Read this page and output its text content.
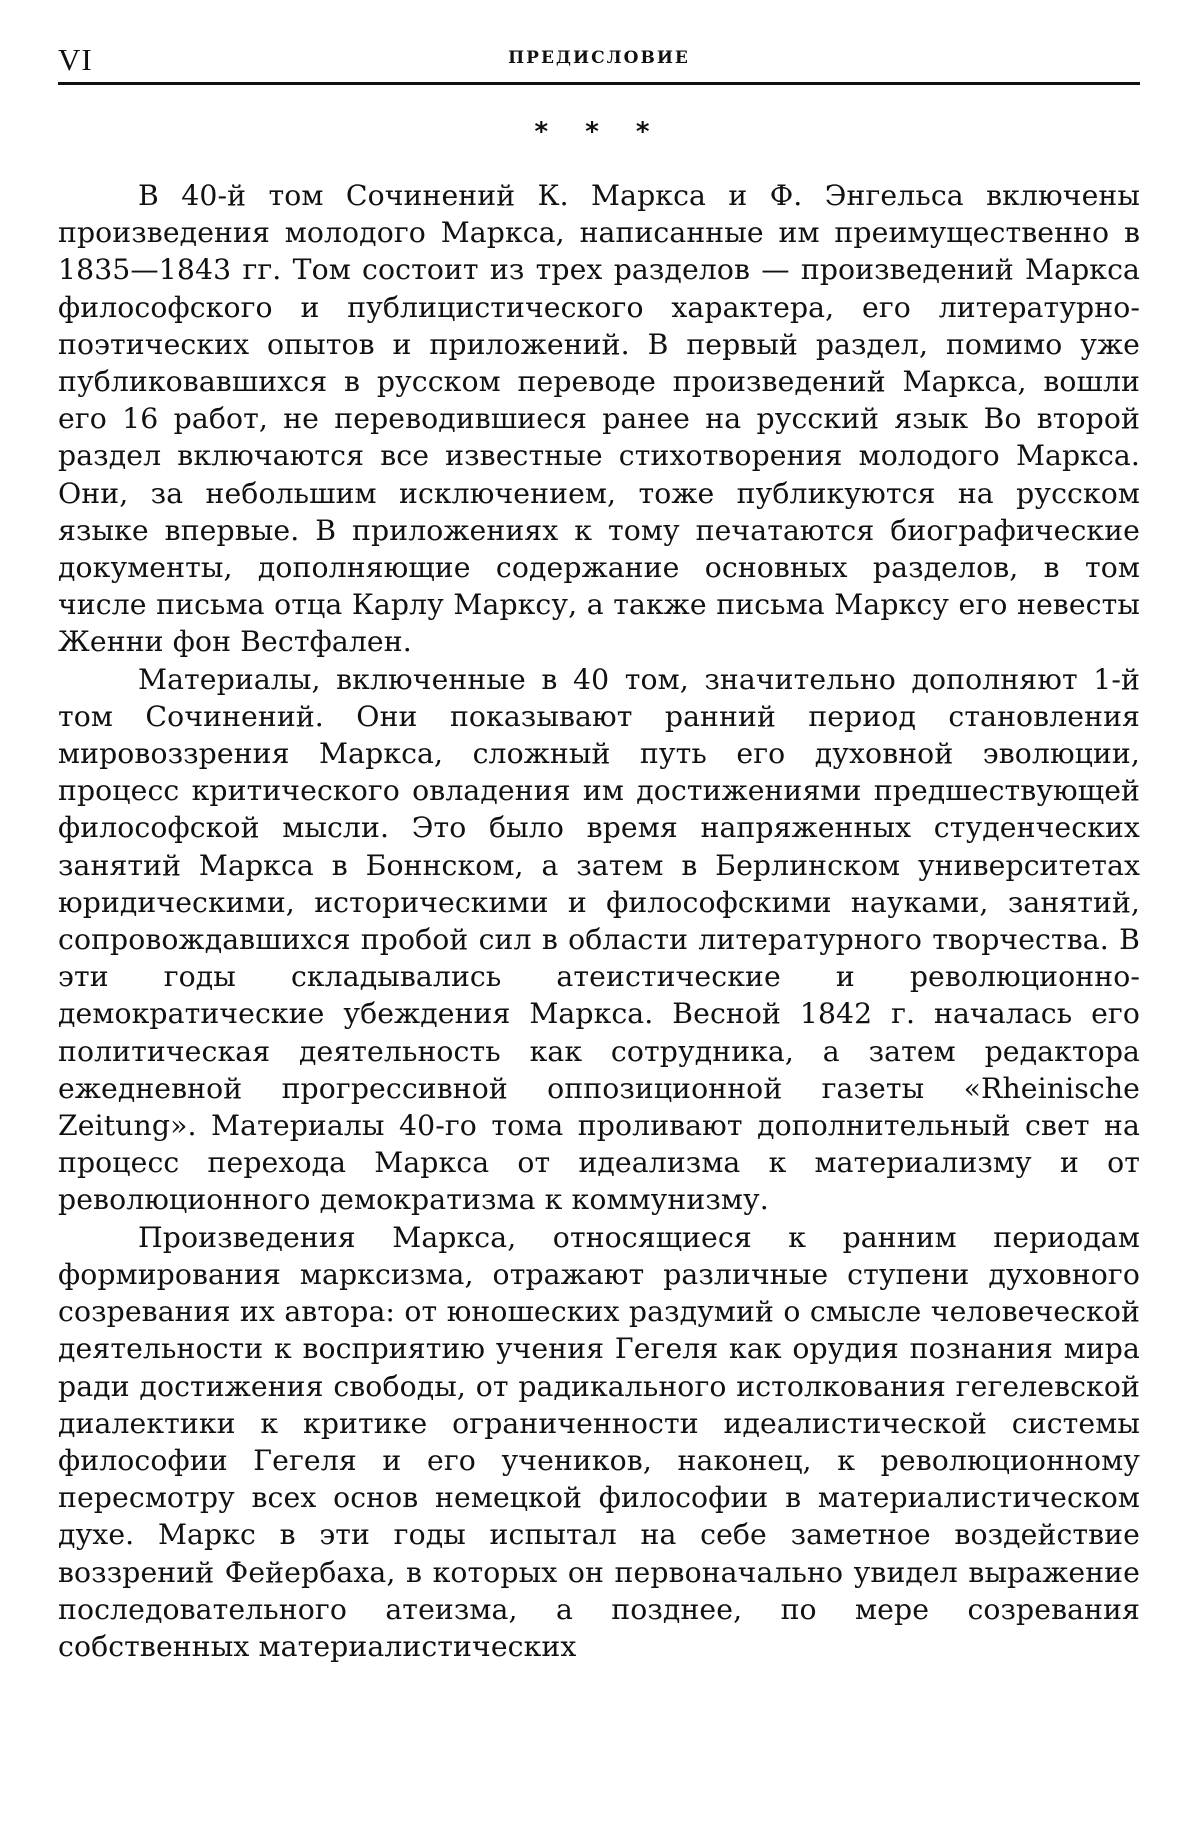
VI	ПРЕДИСЛОВИЕ
* * *

В 40-й том Сочинений К. Маркса и Ф. Энгельса включены произведения молодого Маркса, написанные им преимущественно в 1835—1843 гг. Том состоит из трех разделов — произведений Маркса философского и публицистического характера, его литературно-поэтических опытов и приложений. В первый раздел, помимо уже публиковавшихся в русском переводе произведений Маркса, вошли его 16 работ, не переводившиеся ранее на русский язык Во второй раздел включаются все известные стихотворения молодого Маркса. Они, за небольшим исключением, тоже публикуются на русском языке впервые. В приложениях к тому печатаются биографические документы, дополняющие содержание основных разделов, в том числе письма отца Карлу Марксу, а также письма Марксу его невесты Женни фон Вестфален.

Материалы, включенные в 40 том, значительно дополняют 1-й том Сочинений. Они показывают ранний период становления мировоззрения Маркса, сложный путь его духовной эволюции, процесс критического овладения им достижениями предшествующей философской мысли. Это было время напряженных студенческих занятий Маркса в Боннском, а затем в Берлинском университетах юридическими, историческими и философскими науками, занятий, сопровождавшихся пробой сил в области литературного творчества. В эти годы складывались атеистические и революционно-демократические убеждения Маркса. Весной 1842 г. началась его политическая деятельность как сотрудника, а затем редактора ежедневной прогрессивной оппозиционной газеты «Rheinische Zeitung». Материалы 40-го тома проливают дополнительный свет на процесс перехода Маркса от идеализма к материализму и от революционного демократизма к коммунизму.

Произведения Маркса, относящиеся к ранним периодам формирования марксизма, отражают различные ступени духовного созревания их автора: от юношеских раздумий о смысле человеческой деятельности к восприятию учения Гегеля как орудия познания мира ради достижения свободы, от радикального истолкования гегелевской диалектики к критике ограниченности идеалистической системы философии Гегеля и его учеников, наконец, к революционному пересмотру всех основ немецкой философии в материалистическом духе. Маркс в эти годы испытал на себе заметное воздействие воззрений Фейербаха, в которых он первоначально увидел выражение последовательного атеизма, а позднее, по мере созревания собственных материалистических
